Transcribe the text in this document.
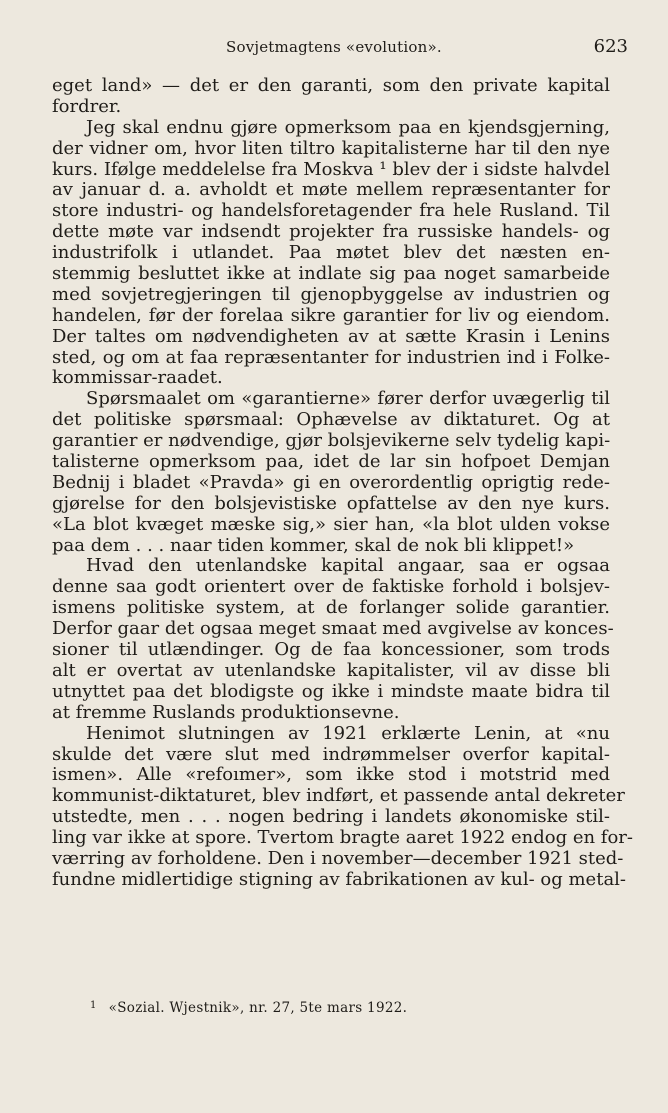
Sovjetmagtens «evolution».	623
eget land» — det er den garanti, som den private kapital
fordrer.
Jeg skal endnu gjøre opmerksom paa en kjendsgjerning,
der vidner om, hvor liten tiltro kapitalisterne har til den nye
kurs. Ifølge meddelelse fra Moskva ¹ blev der i sidste halvdel
av januar d. a. avholdt et møte mellem repræsentanter for
store industri- og handelsforetagender fra hele Rusland. Til
dette møte var indsendt projekter fra russiske handels- og
industrifolk i utlandet. Paa møtet blev det næsten en-
stemmig besluttet ikke at indlate sig paa noget samarbeide
med sovjetregjeringen til gjenopbyggelse av industrien og
handelen, før der forelaa sikre garantier for liv og eiendom.
Der taltes om nødvendigheten av at sætte Krasin i Lenins
sted, og om at faa repræsentanter for industrien ind i Folke-
kommissar-raadet.
Spørsmaalet om «garantierne» fører derfor uvægerlig til
det politiske spørsmaal: Ophævelse av diktaturet. Og at
garantier er nødvendige, gjør bolsjevikerne selv tydelig kapi-
talisterne opmerksom paa, idet de lar sin hofpoet Demjan
Bednij i bladet «Pravda» gi en overordentlig oprigtig rede-
gjørelse for den bolsjevistiske opfattelse av den nye kurs.
«La blot kvæget mæske sig,» sier han, «la blot ulden vokse
paa dem . . . naar tiden kommer, skal de nok bli klippet!»
Hvad den utenlandske kapital angaar, saa er ogsaa
denne saa godt orientert over de faktiske forhold i bolsjev-
ismens politiske system, at de forlanger solide garantier.
Derfor gaar det ogsaa meget smaat med avgivelse av konces-
sioner til utlændinger. Og de faa koncessioner, som trods
alt er overtat av utenlandske kapitalister, vil av disse bli
utnyttet paa det blodigste og ikke i mindste maate bidra til
at fremme Ruslands produktionsevne.
Henimot slutningen av 1921 erklærte Lenin, at «nu
skulde det være slut med indrømmelser overfor kapital-
ismen». Alle «refoımer», som ikke stod i motstrid med
kommunist-diktaturet, blev indført, et passende antal dekreter
utstedte, men . . . nogen bedring i landets økonomiske stil-
ling var ikke at spore. Tvertom bragte aaret 1922 endog en for-
værring av forholdene. Den i november—december 1921 sted-
fundne midlertidige stigning av fabrikationen av kul- og metal-
$^1$ «Sozial. Wjestnik», nr. 27, 5te mars 1922.
